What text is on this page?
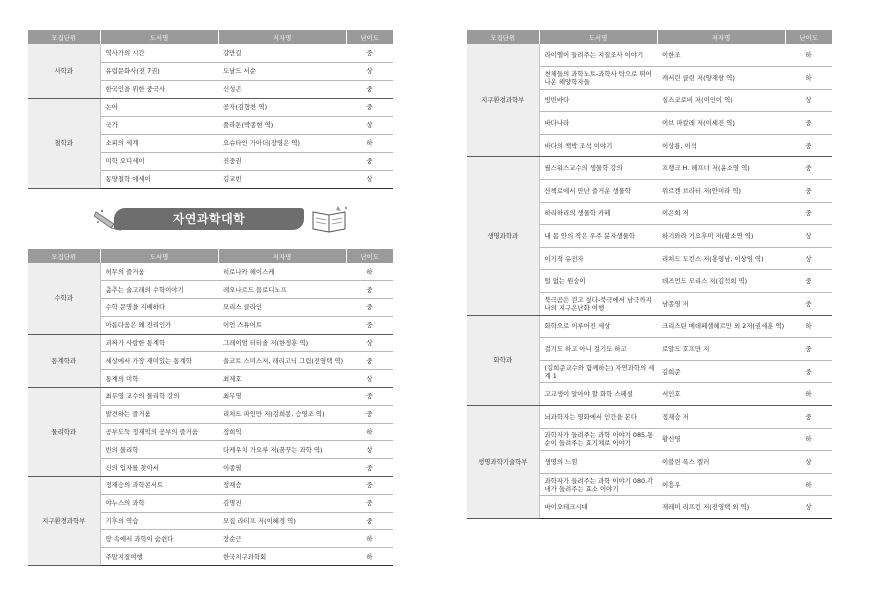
모집단위	도서명	저자명	난이도
사학과	역사가의 시간	강만길	중
	유럽문화사(전 7권)	도날드 서순	상
	한국인을 위한 중국사	신성곤	중
철학과	논어	공자(김형찬 역)	중
	국가	플라톤(박종현 역)	상
	소피의 세계	요슈타인 가아더(장영은 역)	하
	미학 오디세이	진중권	중
	동양철학 에세이	김교빈	상
자연과학대학
모집단위	도서명	저자명	난이도
수학과	허무의 즐거움	히로나카 헤이스케	하
	춤추는 술고래의 수학이야기	레오나르드 믈로디노프	중
	수학 문명을 지배하다	모리스 클라인	중
	아름다움은 왜 진리인가	이언 스튜어트	중
통계학과	괴짜가 사랑한 통계학	그레이엄 터터솔 저(한정훈 역)	상
	세상에서 가장 재미있는 통계학	울코트 스미스저, 래리고닉 그림(전영택 역)	중
	통계의 미학	최제호	상
물리학과	최무영 교수의 물리학 강의	최무영	중
	발견하는 즐거움	리처드 파인만 저(김희봉, 승영조 역)	중
	공부도둑 정재익의 공부의 즐거움	정희익	하
	빈의 물리학	다케우치 가오루 저(꿈꾸는 과학 역)	상
	신의 입자를 찾아서	이종필	중
지구환경과학부	정재승의 과학콘서트	정재승	중
	야누스의 과학	김명진	중
	기후의 역습	모집 라티프 저(이혜경 역)	중
	땅 속에서 과학이 숨쉰다	장순근	하
	주말지질여행	한국지구과학회	하
모집단위	도서명	저자명	난이도
지구환경과학부	라이엘이 들려주는 지질조사 이야기	이한조	하
	천체들의 과학노트-과학사 탁으로 뛰어 나온 해양학자들	캐서린 클린 저(양재삼 역)	하
	빙빈바다	실스코로비 저(이인이 역)	상
	바다나라	이브 파칼레 저(이세진 역)	중
	바다의 책박 조석 이야기	이상룡, 이석	중
생명과학과	필스워스교수의 생물학 강의	프랭크 H. 헤프너 저(윤소영 역)	중
	산책로에서 만난 즐거운 생물학	위르겐 브라터 저(안미라 역)	중
	하리하리의 생물학 카페	이은희 저	중
	내 몸 안의 작은 우주 분자생물학	하기와라 기요후미 저(황소연 역)	상
	이기적 유전자	리처드 도킨스 저(홍영남, 이상임 역)	상
	털 없는 원숭이	데즈먼드 모리스 저(김석희 역)	중
	북극곰은 걷고 싶다-북극에서 남극까지 나의 지구온난화 여행	남종영 저	중
화학과	화학으로 이루어진 세상	크리스틴 메데페셀헤르만 외 2저(권세훈 역)	하
	걸기도 하고 아니 걸기도 하고	로알드 호프만 저	중
	(김희준교수와 함께하는) 자연과학의 세계 1	김희준	중
	고교생이 알아야 할 화학 스페셜	서인호	하
생명과학기술학부	뇌과학자는 영화에서 인간을 본다	정재승 저	중
	과학자가 들려주는 과학 이야기 085.통순이 들려주는 효기체로 이야기	황신영	하
	생명의 느낌	이블린 폭스 켈러	상
	과학자가 들려주는 과학 이야기 080.각네가 들려주는 효소 이야기	이흥우	하
	바이오테크시대	제레미 리프킨 저(전영택 외 역)	상
